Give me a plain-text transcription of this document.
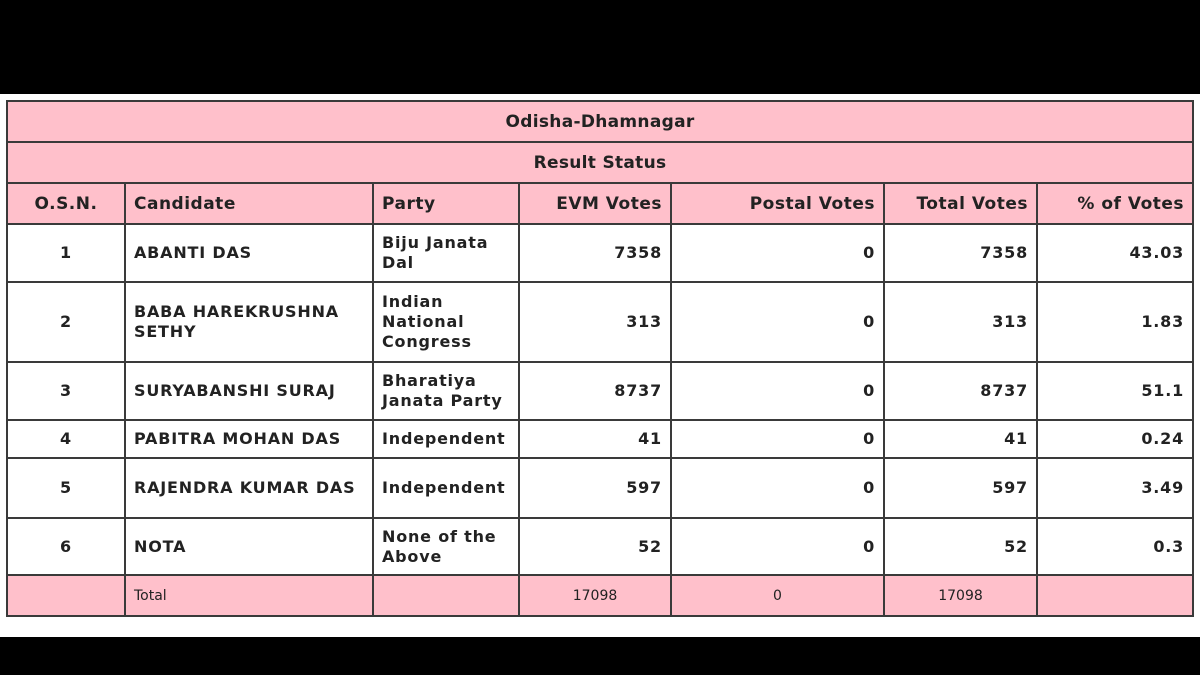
Odisha-Dhamnagar						
Result Status						
O.S.N.	Candidate	Party	EVM Votes	Postal Votes	Total Votes	% of Votes
1	ABANTI DAS	Biju Janata Dal	7358	0	7358	43.03
2	BABA HAREKRUSHNA SETHY	Indian National Congress	313	0	313	1.83
3	SURYABANSHI SURAJ	Bharatiya Janata Party	8737	0	8737	51.1
4	PABITRA MOHAN DAS	Independent	41	0	41	0.24
5	RAJENDRA KUMAR DAS	Independent	597	0	597	3.49
6	NOTA	None of the Above	52	0	52	0.3
	Total		17098	0	17098	
